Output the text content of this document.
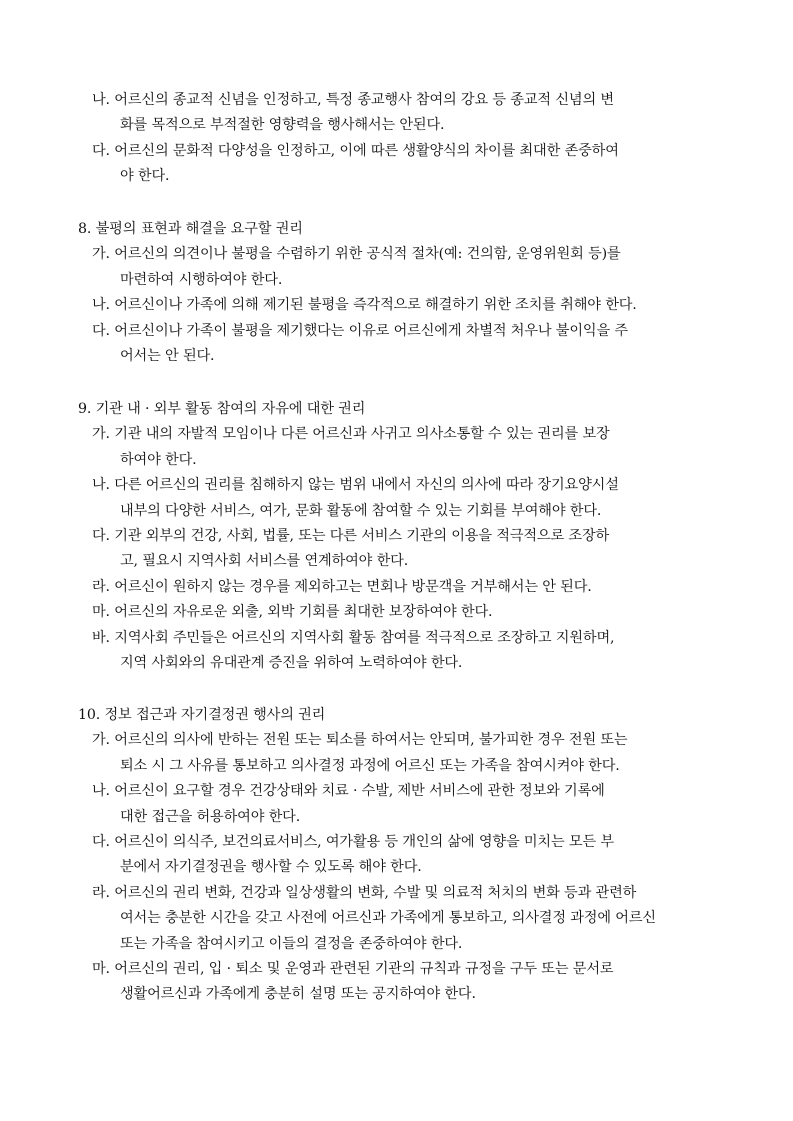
나. 어르신의 종교적 신념을 인정하고, 특정 종교행사 참여의 강요 등 종교적 신념의 변
화를 목적으로 부적절한 영향력을 행사해서는 안된다.
다. 어르신의 문화적 다양성을 인정하고, 이에 따른 생활양식의 차이를 최대한 존중하여
야 한다.
8. 불평의 표현과 해결을 요구할 권리
가. 어르신의 의견이나 불평을 수렴하기 위한 공식적 절차(예: 건의함, 운영위원회 등)를
마련하여 시행하여야 한다.
나. 어르신이나 가족에 의해 제기된 불평을 즉각적으로 해결하기 위한 조치를 취해야 한다.
다. 어르신이나 가족이 불평을 제기했다는 이유로 어르신에게 차별적 처우나 불이익을 주
어서는 안 된다.
9. 기관 내 · 외부 활동 참여의 자유에 대한 권리
가. 기관 내의 자발적 모임이나 다른 어르신과 사귀고 의사소통할 수 있는 권리를 보장
하여야 한다.
나. 다른 어르신의 권리를 침해하지 않는 범위 내에서 자신의 의사에 따라 장기요양시설
내부의 다양한 서비스, 여가, 문화 활동에 참여할 수 있는 기회를 부여해야 한다.
다. 기관 외부의 건강, 사회, 법률, 또는 다른 서비스 기관의 이용을 적극적으로 조장하
고, 필요시 지역사회 서비스를 연계하여야 한다.
라. 어르신이 원하지 않는 경우를 제외하고는 면회나 방문객을 거부해서는 안 된다.
마. 어르신의 자유로운 외출, 외박 기회를 최대한 보장하여야 한다.
바. 지역사회 주민들은 어르신의 지역사회 활동 참여를 적극적으로 조장하고 지원하며,
지역 사회와의 유대관계 증진을 위하여 노력하여야 한다.
10. 정보 접근과 자기결정권 행사의 권리
가. 어르신의 의사에 반하는 전원 또는 퇴소를 하여서는 안되며, 불가피한 경우 전원 또는
퇴소 시 그 사유를 통보하고 의사결정 과정에 어르신 또는 가족을 참여시켜야 한다.
나. 어르신이 요구할 경우 건강상태와 치료 · 수발, 제반 서비스에 관한 정보와 기록에
대한 접근을 허용하여야 한다.
다. 어르신이 의식주, 보건의료서비스, 여가활용 등 개인의 삶에 영향을 미치는 모든 부
분에서 자기결정권을 행사할 수 있도록 해야 한다.
라. 어르신의 권리 변화, 건강과 일상생활의 변화, 수발 및 의료적 처치의 변화 등과 관련하
여서는 충분한 시간을 갖고 사전에 어르신과 가족에게 통보하고, 의사결정 과정에 어르신
또는 가족을 참여시키고 이들의 결정을 존중하여야 한다.
마. 어르신의 권리, 입 · 퇴소 및 운영과 관련된 기관의 규칙과 규정을 구두 또는 문서로
생활어르신과 가족에게 충분히 설명 또는 공지하여야 한다.
